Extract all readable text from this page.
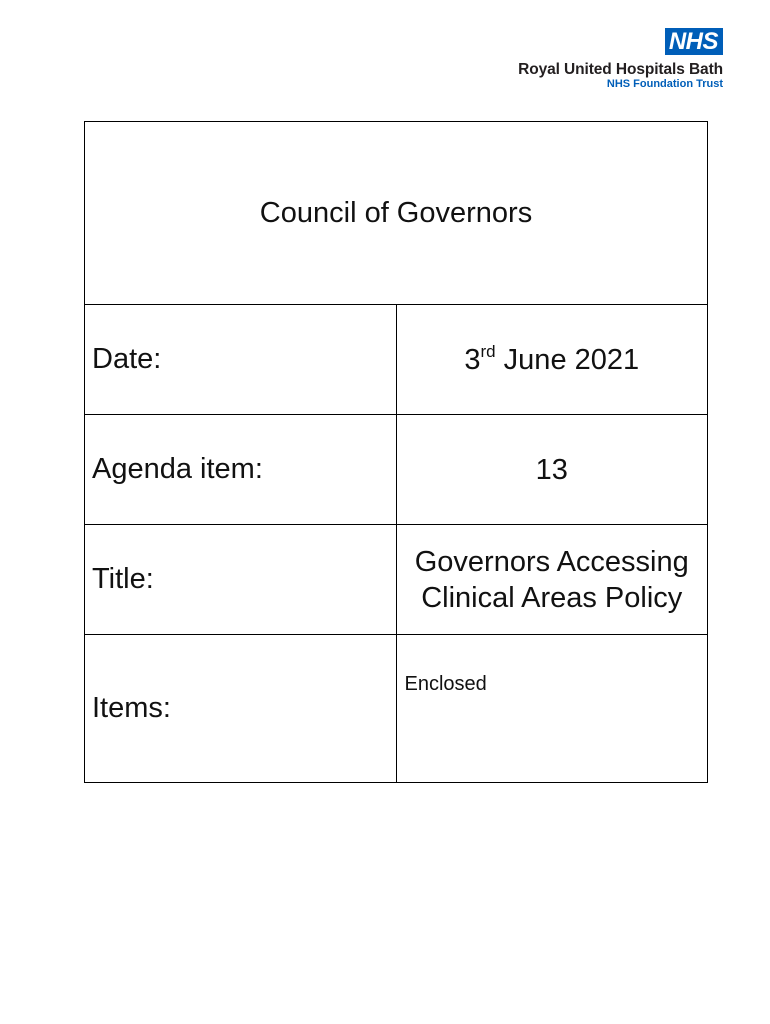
NHS
Royal United Hospitals Bath
NHS Foundation Trust
Council of Governors	
Date:	3rd June 2021
Agenda item:	13
Title:	Governors Accessing
Clinical Areas Policy

Items:	Enclosed
